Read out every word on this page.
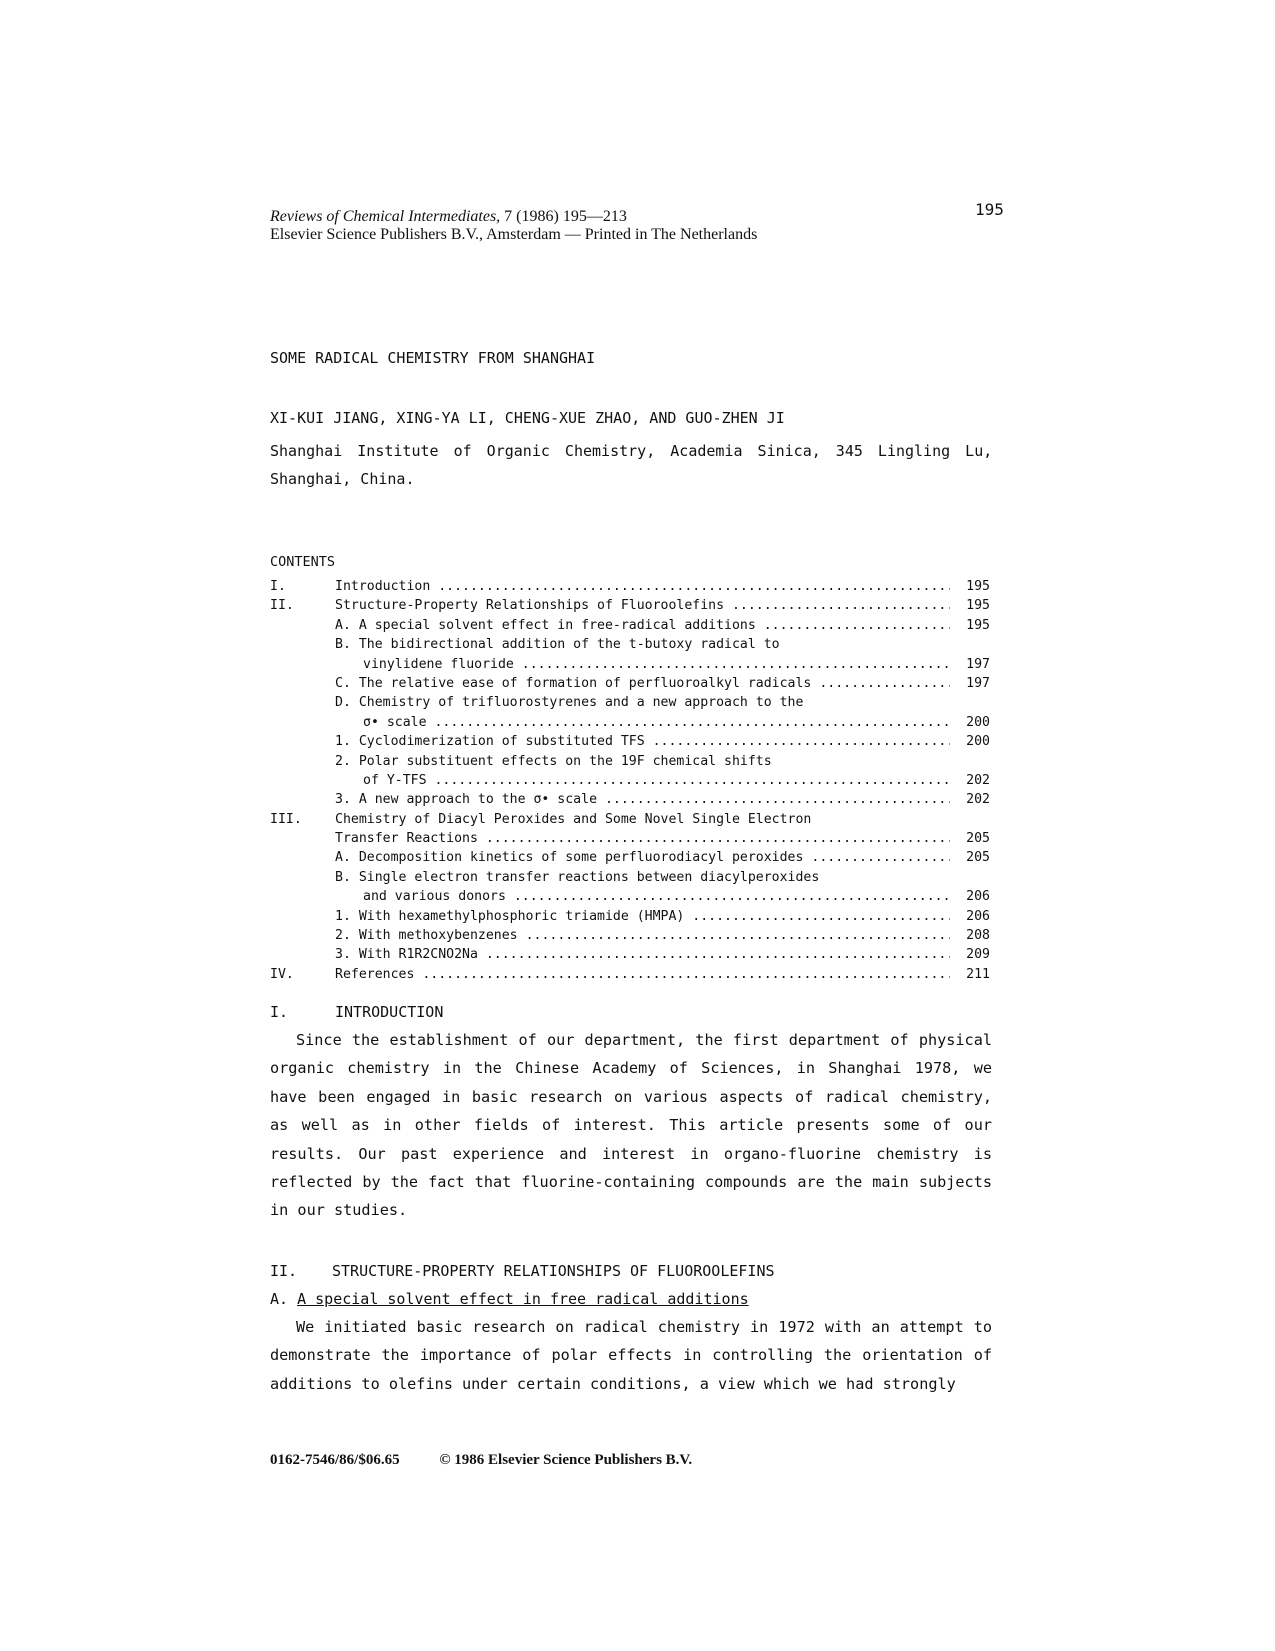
Reviews of Chemical Intermediates, 7 (1986) 195—213
Elsevier Science Publishers B.V., Amsterdam — Printed in The Netherlands
195
SOME RADICAL CHEMISTRY FROM SHANGHAI
XI-KUI JIANG, XING-YA LI, CHENG-XUE ZHAO, AND GUO-ZHEN JI
Shanghai Institute of Organic Chemistry, Academia Sinica, 345 Lingling Lu,
Shanghai, China.
CONTENTS
I.	Introduction .....	195
II.	Structure-Property Relationships of Fluoroolefins .....	195
A. A special solvent effect in free-radical additions .....	195
B. The bidirectional addition of the t-butoxy radical to
vinylidene fluoride .....	197
C. The relative ease of formation of perfluoroalkyl radicals .....	197
D. Chemistry of trifluorostyrenes and a new approach to the
σ• scale .....	200
1. Cyclodimerization of substituted TFS .....	200
2. Polar substituent effects on the 19F chemical shifts
of Y-TFS .....	202
3. A new approach to the σ• scale .....	202
III.	Chemistry of Diacyl Peroxides and Some Novel Single Electron
Transfer Reactions .....	205
A. Decomposition kinetics of some perfluorodiacyl peroxides .....	205
B. Single electron transfer reactions between diacylperoxides
and various donors .....	206
1. With hexamethylphosphoric triamide (HMPA) .....	206
2. With methoxybenzenes .....	208
3. With R1R2CNO2Na .....	209
IV.	References .....	211
I.	INTRODUCTION

Since the establishment of our department, the first department of physical organic chemistry in the Chinese Academy of Sciences, in Shanghai 1978, we have been engaged in basic research on various aspects of radical chemistry, as well as in other fields of interest. This article presents some of our results. Our past experience and interest in organo-fluorine chemistry is reflected by the fact that fluorine-containing compounds are the main subjects in our studies.

II. STRUCTURE-PROPERTY RELATIONSHIPS OF FLUOROOLEFINS
A. A special solvent effect in free radical additions

We initiated basic research on radical chemistry in 1972 with an attempt to demonstrate the importance of polar effects in controlling the orientation of additions to olefins under certain conditions, a view which we had strongly

0162-7546/86/$06.65	© 1986 Elsevier Science Publishers B.V.
